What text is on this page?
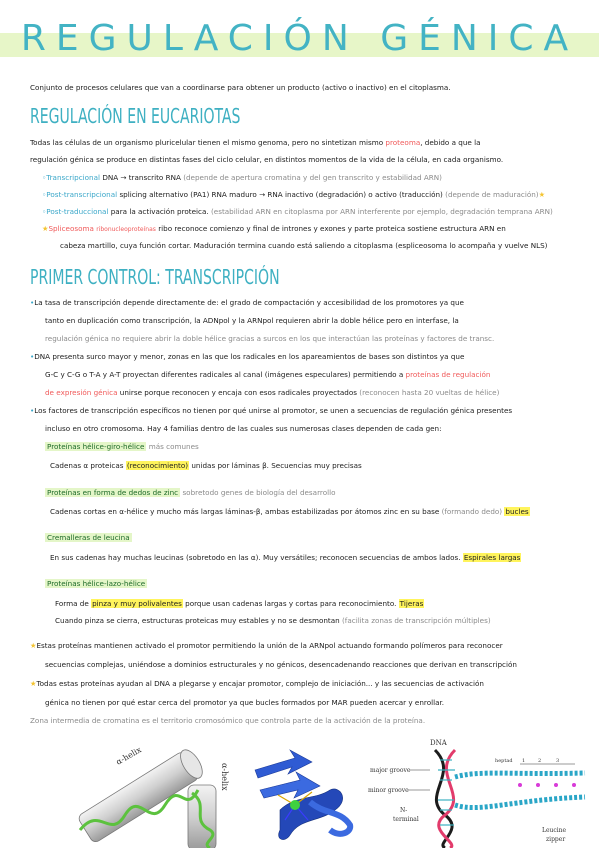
REGULACIÓN GÉNICA
Conjunto de procesos celulares que van a coordinarse para obtener un producto (activo o inactivo) en el citoplasma.
REGULACIÓN EN EUCARIOTAS
Todas las células de un organismo pluricelular tienen el mismo genoma, pero no sintetizan mismo proteoma, debido a que la
regulación génica se produce en distintas fases del ciclo celular, en distintos momentos de la vida de la célula, en cada organismo.
◦Transcripcional DNA → transcrito RNA (depende de apertura cromatina y del gen transcrito y estabilidad ARN)
◦Post-transcripcional splicing alternativo (PA1) RNA maduro → RNA inactivo (degradación) o activo (traducción) (depende de maduración)★
◦Post-traduccional para la activación proteica. (estabilidad ARN en citoplasma por ARN interferente por ejemplo, degradación temprana ARN)
★Spliceosoma ribonucleoproteínas ribo reconoce comienzo y final de intrones y exones y parte proteica sostiene estructura ARN en
cabeza martillo, cuya función cortar. Maduración termina cuando está saliendo a citoplasma (espliceosoma lo acompaña y vuelve NLS)
PRIMER CONTROL: TRANSCRIPCIÓN
•La tasa de transcripción depende directamente de: el grado de compactación y accesibilidad de los promotores ya que
tanto en duplicación como transcripción, la ADNpol y la ARNpol requieren abrir la doble hélice pero en interfase, la
regulación génica no requiere abrir la doble hélice gracias a surcos en los que interactúan las proteínas y factores de transc.
•DNA presenta surco mayor y menor, zonas en las que los radicales en los apareamientos de bases son distintos ya que
G-C y C-G o T-A y A-T proyectan diferentes radicales al canal (imágenes especulares) permitiendo a proteínas de regulación
de expresión génica unirse porque reconocen y encaja con esos radicales proyectados (reconocen hasta 20 vueltas de hélice)
•Los factores de transcripción específicos no tienen por qué unirse al promotor, se unen a secuencias de regulación génica presentes
incluso en otro cromosoma. Hay 4 familias dentro de las cuales sus numerosas clases dependen de cada gen:
Proteínas hélice-giro-hélice más comunes
Cadenas α proteicas (reconocimiento) unidas por láminas β. Secuencias muy precisas
Proteínas en forma de dedos de zinc sobretodo genes de biología del desarrollo
Cadenas cortas en α-hélice y mucho más largas láminas-β, ambas estabilizadas por átomos zinc en su base (formando dedo) bucles
Cremalleras de leucina
En sus cadenas hay muchas leucinas (sobretodo en las α). Muy versátiles; reconocen secuencias de ambos lados. Espirales largas
Proteínas hélice-lazo-hélice
Forma de pinza y muy polivalentes porque usan cadenas largas y cortas para reconocimiento. Tijeras
Cuando pinza se cierra, estructuras proteicas muy estables y no se desmontan (facilita zonas de transcripción múltiples)
★Estas proteínas mantienen activado el promotor permitiendo la unión de la ARNpol actuando formando polímeros para reconocer
secuencias complejas, uniéndose a dominios estructurales y no génicos, desencadenando reacciones que derivan en transcripción
★Todas estas proteínas ayudan al DNA a plegarse y encajar promotor, complejo de iniciación... y las secuencias de activación
génica no tienen por qué estar cerca del promotor ya que bucles formados por MAR pueden acercar y enrollar.
Zona intermedia de cromatina es el territorio cromosómico que controla parte de la activación de la proteína.
α-helix
α-helix
DNA
major groove
minor groove
N-
terminal
heptad 1	2	3
Leucine
zipper
